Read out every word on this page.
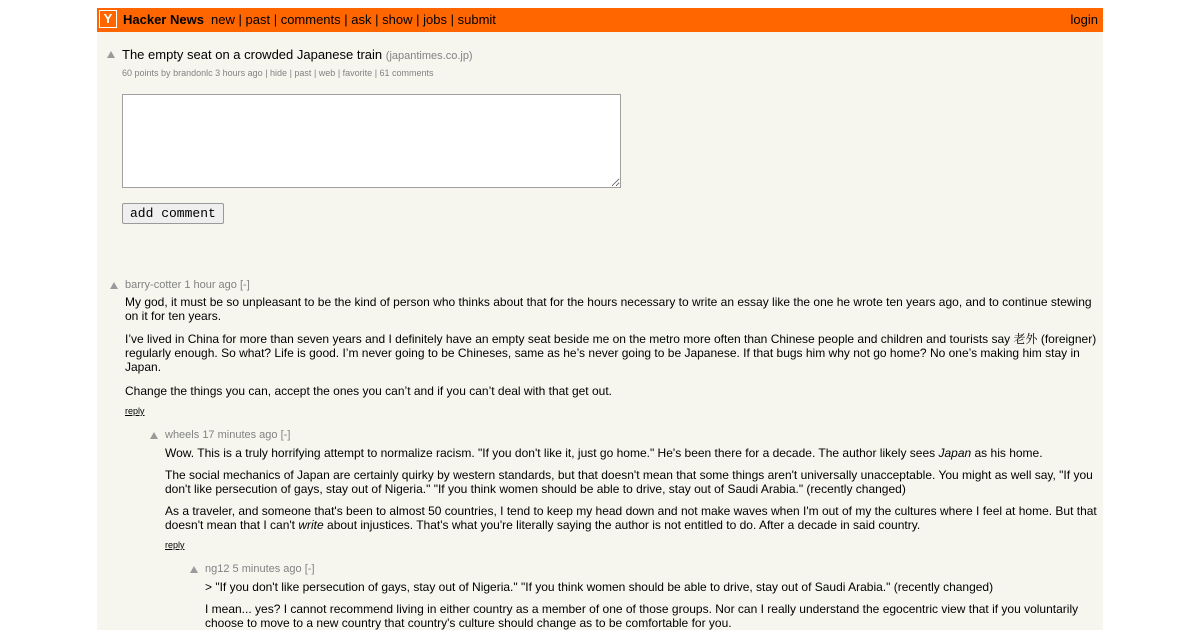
Y Hacker News new | past | comments | ask | show | jobs | submit	login
The empty seat on a crowded Japanese train (japantimes.co.jp)
60 points by brandonlc 3 hours ago | hide | past | web | favorite | 61 comments
add comment
barry-cotter 1 hour ago [-]

My god, it must be so unpleasant to be the kind of person who thinks about that for the hours necessary to write an essay like the one he wrote ten years ago, and to continue stewing on it for ten years.

I’ve lived in China for more than seven years and I definitely have an empty seat beside me on the metro more often than Chinese people and children and tourists say 老外 (foreigner) regularly enough. So what? Life is good. I’m never going to be Chineses, same as he’s never going to be Japanese. If that bugs him why not go home? No one’s making him stay in Japan.

Change the things you can, accept the ones you can’t and if you can’t deal with that get out.

reply
wheels 17 minutes ago [-]

Wow. This is a truly horrifying attempt to normalize racism. "If you don't like it, just go home." He's been there for a decade. The author likely sees Japan as his home.

The social mechanics of Japan are certainly quirky by western standards, but that doesn't mean that some things aren't universally unacceptable. You might as well say, "If you don't like persecution of gays, stay out of Nigeria." "If you think women should be able to drive, stay out of Saudi Arabia." (recently changed)

As a traveler, and someone that's been to almost 50 countries, I tend to keep my head down and not make waves when I'm out of my the cultures where I feel at home. But that doesn't mean that I can't write about injustices. That's what you're literally saying the author is not entitled to do. After a decade in said country.

reply
ng12 5 minutes ago [-]

> "If you don't like persecution of gays, stay out of Nigeria." "If you think women should be able to drive, stay out of Saudi Arabia." (recently changed)

I mean... yes? I cannot recommend living in either country as a member of one of those groups. Nor can I really understand the egocentric view that if you voluntarily choose to move to a new country that country's culture should change as to be comfortable for you.
